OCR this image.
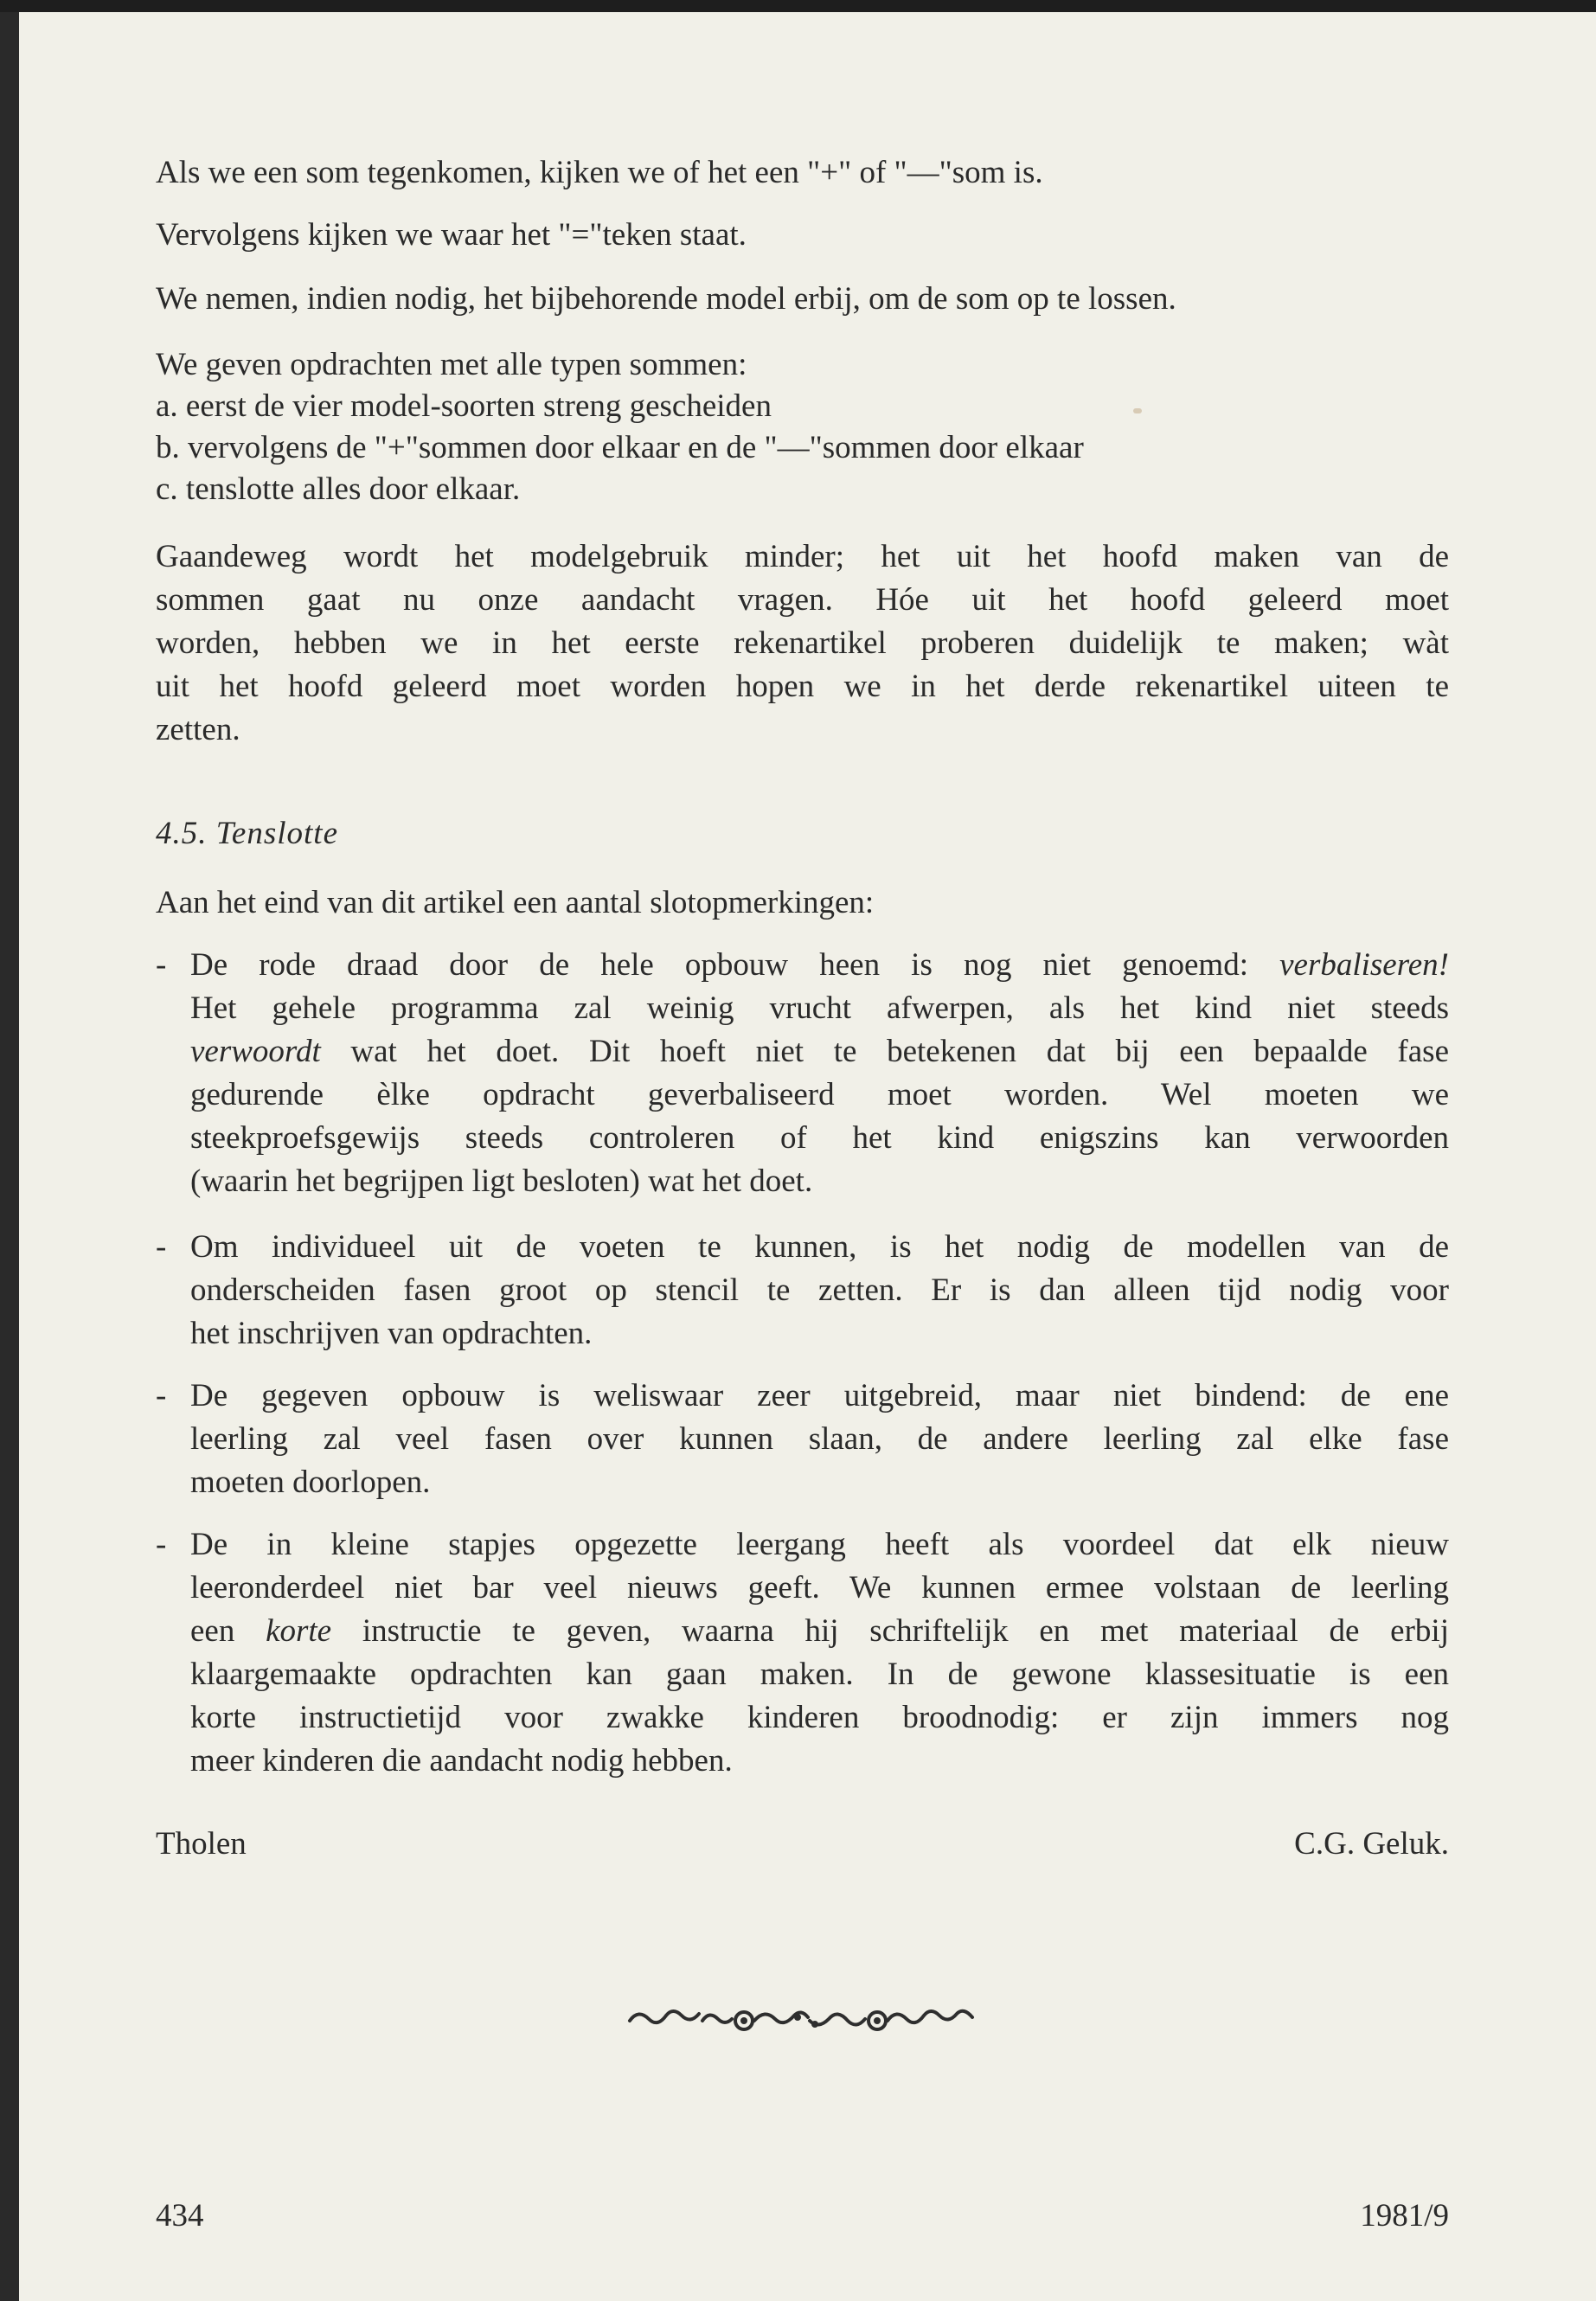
Als we een som tegenkomen, kijken we of het een "+" of "—"som is.

Vervolgens kijken we waar het "="teken staat.

We nemen, indien nodig, het bijbehorende model erbij, om de som op te lossen.

We geven opdrachten met alle typen sommen:

a. eerst de vier model-soorten streng gescheiden

b. vervolgens de "+"sommen door elkaar en de "—"sommen door elkaar

c. tenslotte alles door elkaar.

Gaandeweg wordt het modelgebruik minder; het uit het hoofd maken van de

sommen gaat nu onze aandacht vragen. Hóe uit het hoofd geleerd moet

worden, hebben we in het eerste rekenartikel proberen duidelijk te maken; wàt

uit het hoofd geleerd moet worden hopen we in het derde rekenartikel uiteen te

zetten.

4.5. Tenslotte

Aan het eind van dit artikel een aantal slotopmerkingen:

- De rode draad door de hele opbouw heen is nog niet genoemd: verbaliseren!

Het gehele programma zal weinig vrucht afwerpen, als het kind niet steeds

verwoordt wat het doet. Dit hoeft niet te betekenen dat bij een bepaalde fase

gedurende èlke opdracht geverbaliseerd moet worden. Wel moeten we

steekproefsgewijs steeds controleren of het kind enigszins kan verwoorden

(waarin het begrijpen ligt besloten) wat het doet.

- Om individueel uit de voeten te kunnen, is het nodig de modellen van de

onderscheiden fasen groot op stencil te zetten. Er is dan alleen tijd nodig voor

het inschrijven van opdrachten.

- De gegeven opbouw is weliswaar zeer uitgebreid, maar niet bindend: de ene

leerling zal veel fasen over kunnen slaan, de andere leerling zal elke fase

moeten doorlopen.

- De in kleine stapjes opgezette leergang heeft als voordeel dat elk nieuw

leeronderdeel niet bar veel nieuws geeft. We kunnen ermee volstaan de leerling

een korte instructie te geven, waarna hij schriftelijk en met materiaal de erbij

klaargemaakte opdrachten kan gaan maken. In de gewone klassesituatie is een

korte instructietijd voor zwakke kinderen broodnodig: er zijn immers nog

meer kinderen die aandacht nodig hebben.

Tholen	C.G. Geluk.

434	1981/9
